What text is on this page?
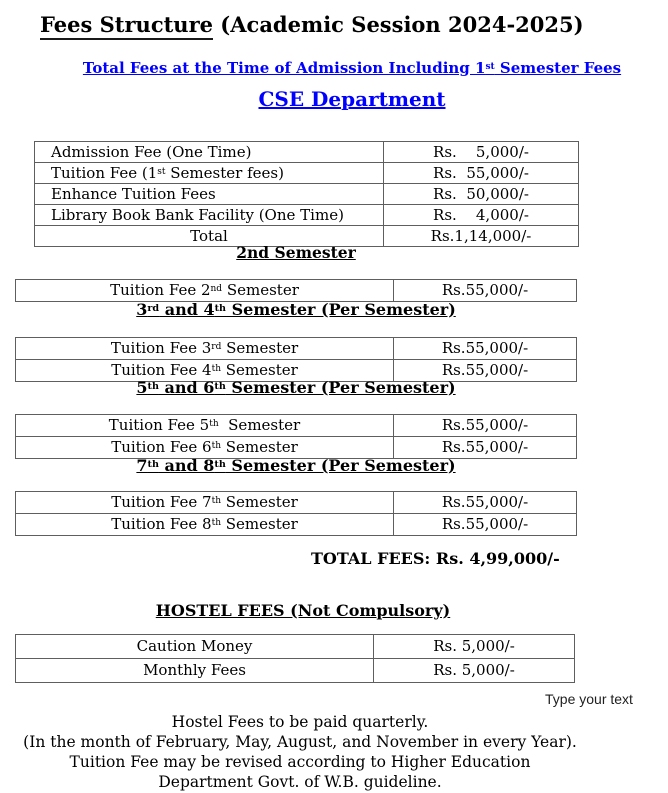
Fees Structure (Academic Session 2024-2025)
Total Fees at the Time of Admission Including 1st Semester Fees
CSE Department
Admission Fee (One Time)	Rs.    5,000/-
Tuition Fee (1st Semester fees)	Rs.  55,000/-
Enhance Tuition Fees	Rs.  50,000/-
Library Book Bank Facility (One Time)	Rs.    4,000/-
Total	Rs.1,14,000/-
2nd Semester
Tuition Fee 2nd Semester	Rs.55,000/-
3rd and 4th Semester (Per Semester)
Tuition Fee 3rd Semester	Rs.55,000/-
Tuition Fee 4th Semester	Rs.55,000/-
5th and 6th Semester (Per Semester)
Tuition Fee 5th  Semester	Rs.55,000/-
Tuition Fee 6th Semester	Rs.55,000/-
7th and 8th Semester (Per Semester)
Tuition Fee 7th Semester	Rs.55,000/-
Tuition Fee 8th Semester	Rs.55,000/-
TOTAL FEES: Rs. 4,99,000/-
HOSTEL FEES (Not Compulsory)
Caution Money	Rs. 5,000/-
Monthly Fees	Rs. 5,000/-
Type your text
Hostel Fees to be paid quarterly.
(In the month of February, May, August, and November in every Year).
Tuition Fee may be revised according to Higher Education
Department Govt. of W.B. guideline.
